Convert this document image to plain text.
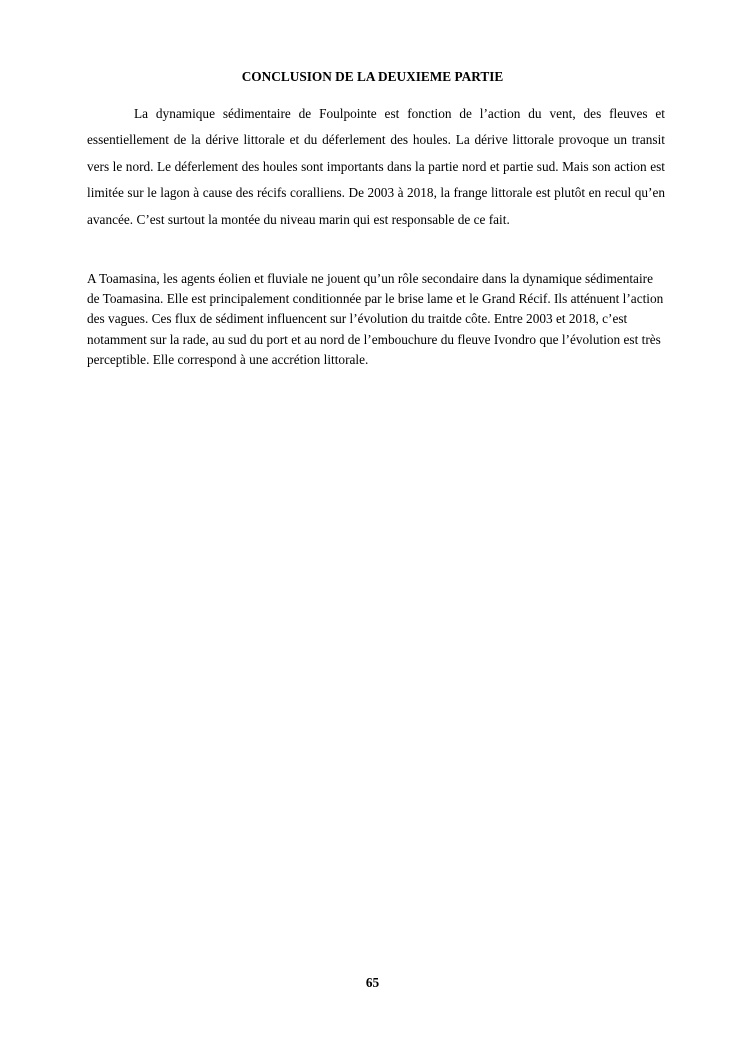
CONCLUSION DE LA DEUXIEME PARTIE

La dynamique sédimentaire de Foulpointe est fonction de l’action du vent, des fleuves et essentiellement de la dérive littorale et du déferlement des houles. La dérive littorale provoque un transit vers le nord. Le déferlement des houles sont importants dans la partie nord et partie sud. Mais son action est limitée sur le lagon à cause des récifs coralliens. De 2003 à 2018, la frange littorale est plutôt en recul qu’en avancée. C’est surtout la montée du niveau marin qui est responsable de ce fait.

A Toamasina, les agents éolien et fluviale ne jouent qu’un rôle secondaire dans la dynamique sédimentaire de Toamasina. Elle est principalement conditionnée par le brise lame et le Grand Récif. Ils atténuent l’action des vagues. Ces flux de sédiment influencent sur l’évolution du traitde côte. Entre 2003 et 2018, c’est notamment sur la rade, au sud du port et au nord de l’embouchure du fleuve Ivondro que l’évolution est très perceptible. Elle correspond à une accrétion littorale.

65
